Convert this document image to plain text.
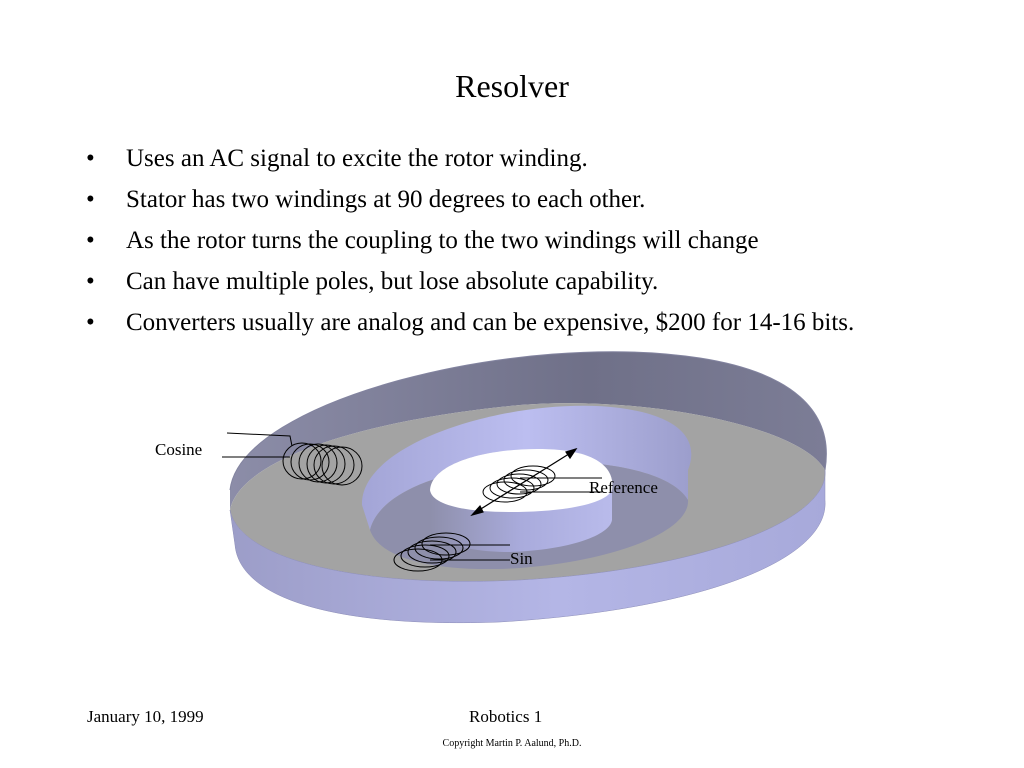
Resolver
• Uses an AC signal to excite the rotor winding.
• Stator has two windings at 90 degrees to each other.
• As the rotor turns the coupling to the two windings will change
• Can have multiple poles, but lose absolute capability.
• Converters usually are analog and can be expensive, $200 for 14-16 bits.
Cosine
Reference
Sin
January 10, 1999	Robotics 1
Copyright Martin P. Aalund, Ph.D.
